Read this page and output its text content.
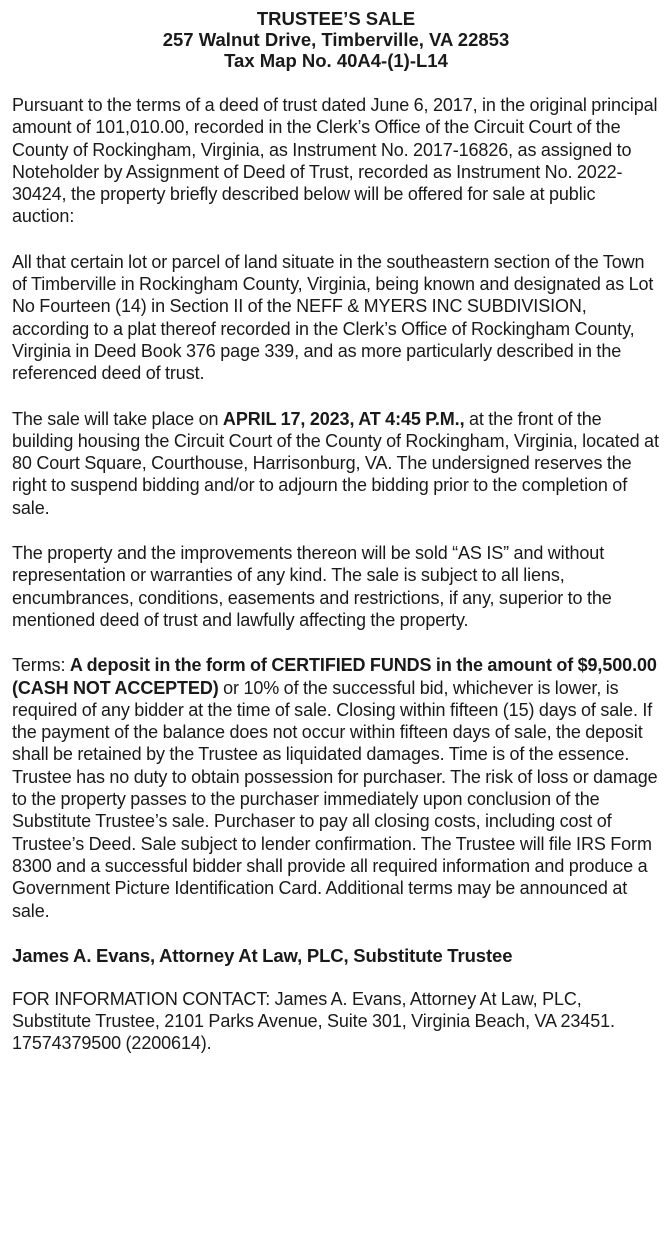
TRUSTEE’S SALE
257 Walnut Drive, Timberville, VA 22853
Tax Map No. 40A4-(1)-L14

Pursuant to the terms of a deed of trust dated June 6, 2017, in the original principal amount of 101,010.00, recorded in the Clerk’s Office of the Circuit Court of the County of Rockingham, Virginia, as Instrument No. 2017-16826, as assigned to Noteholder by Assignment of Deed of Trust, recorded as Instrument No. 2022-30424, the property briefly described below will be offered for sale at public auction:

All that certain lot or parcel of land situate in the southeastern section of the Town of Timberville in Rockingham County, Virginia, being known and designated as Lot No Fourteen (14) in Section II of the NEFF & MYERS INC SUBDIVISION, according to a plat thereof recorded in the Clerk’s Office of Rockingham County, Virginia in Deed Book 376 page 339, and as more particularly described in the referenced deed of trust.

The sale will take place on APRIL 17, 2023, AT 4:45 P.M., at the front of the building housing the Circuit Court of the County of Rockingham, Virginia, located at 80 Court Square, Courthouse, Harrisonburg, VA. The undersigned reserves the right to suspend bidding and/or to adjourn the bidding prior to the completion of sale.

The property and the improvements thereon will be sold “AS IS” and without representation or warranties of any kind. The sale is subject to all liens, encumbrances, conditions, easements and restrictions, if any, superior to the mentioned deed of trust and lawfully affecting the property.

Terms: A deposit in the form of CERTIFIED FUNDS in the amount of $9,500.00 (CASH NOT ACCEPTED) or 10% of the successful bid, whichever is lower, is required of any bidder at the time of sale. Closing within fifteen (15) days of sale. If the payment of the balance does not occur within fifteen days of sale, the deposit shall be retained by the Trustee as liquidated damages. Time is of the essence. Trustee has no duty to obtain possession for purchaser. The risk of loss or damage to the property passes to the purchaser immediately upon conclusion of the Substitute Trustee’s sale. Purchaser to pay all closing costs, including cost of Trustee’s Deed. Sale subject to lender confirmation. The Trustee will file IRS Form 8300 and a successful bidder shall provide all required information and produce a Government Picture Identification Card. Additional terms may be announced at sale.

James A. Evans, Attorney At Law, PLC, Substitute Trustee

FOR INFORMATION CONTACT: James A. Evans, Attorney At Law, PLC, Substitute Trustee, 2101 Parks Avenue, Suite 301, Virginia Beach, VA 23451. 17574379500 (2200614).
